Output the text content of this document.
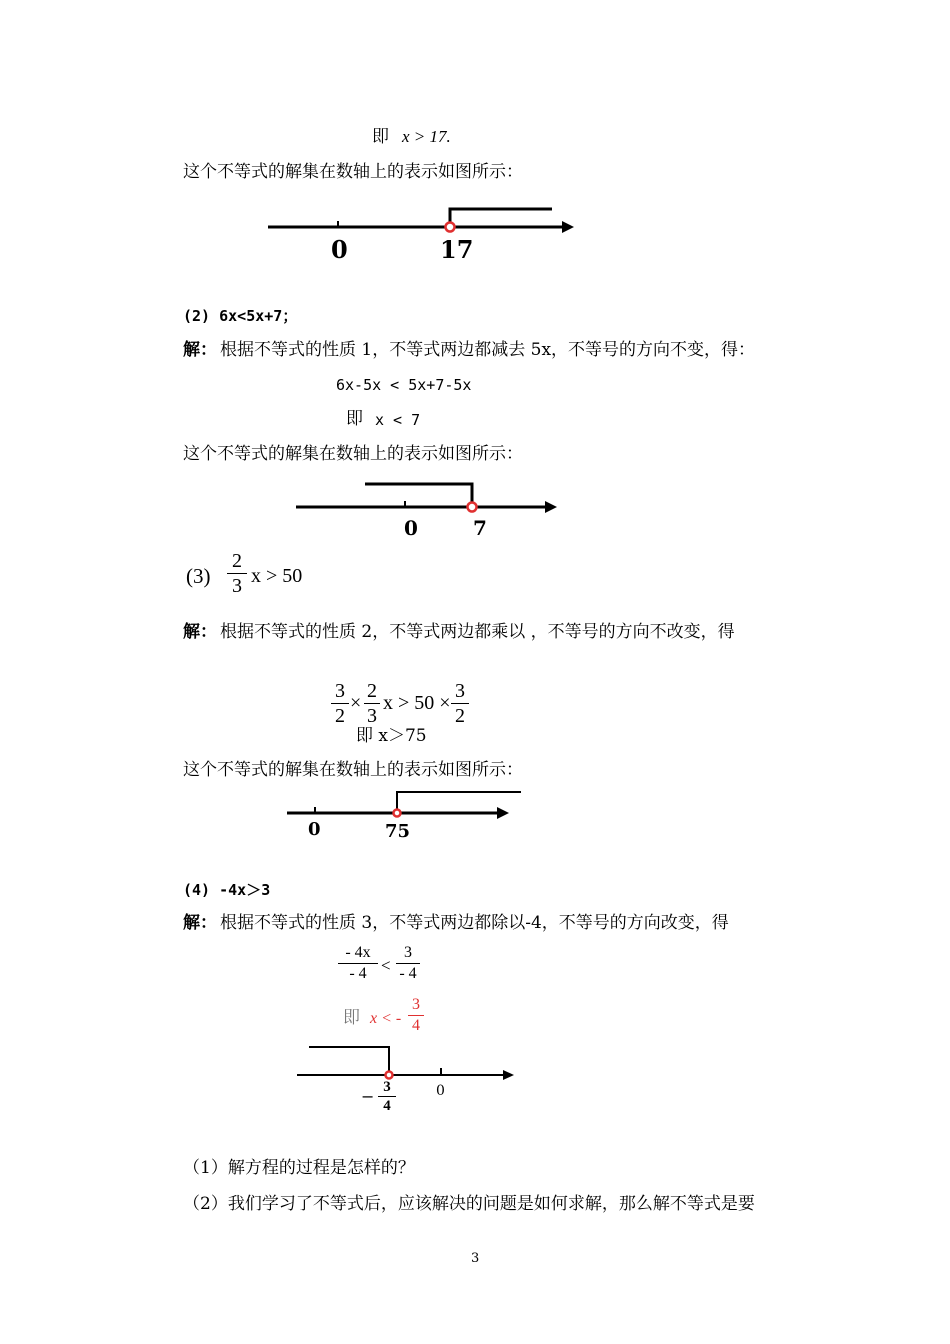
即 x > 17.
这个不等式的解集在数轴上的表示如图所示：
0	17
(2) 6x<5x+7；
解： 根据不等式的性质 1，不等式两边都减去 5x，不等号的方向不变，得：
6x-5x < 5x+7-5x
即 x < 7
这个不等式的解集在数轴上的表示如图所示：
0	7
(3)
2
3 x > 50
解： 根据不等式的性质 2，不等式两边都乘以 ，不等号的方向不改变，得
3
2
×
2
3
x > 50 ×
3
2
即 x＞75
这个不等式的解集在数轴上的表示如图所示：
0	75
(4) -4x＞3
解： 根据不等式的性质 3，不等式两边都除以-4，不等号的方向改变，得
- 4x
- 4 <
3
- 4
即 x < -
3
4
0
− 3
4
（1）解方程的过程是怎样的？
（2）我们学习了不等式后，应该解决的问题是如何求解，那么解不等式是要
3
